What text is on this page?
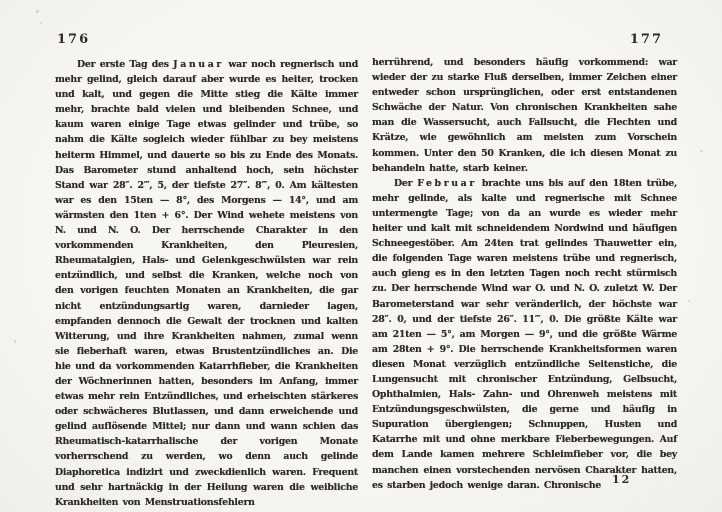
176

Der erste Tag des Januar war noch regnerisch und mehr gelind, gleich darauf aber wurde es heiter, trocken und kalt, und gegen die Mitte stieg die Kälte immer mehr, brachte bald vielen und bleibenden Schnee, und kaum waren einige Tage etwas gelinder und trübe, so nahm die Kälte sogleich wieder fühlbar zu bey meistens heiterm Himmel, und dauerte so bis zu Ende des Monats. Das Barometer stund anhaltend hoch, sein höchster Stand war 28″. 2‴, 5, der tiefste 27″. 8‴, 0. Am kältesten war es den 15ten — 8°, des Morgens — 14°, und am wärmsten den 1ten + 6°. Der Wind wehete meistens von N. und N. O. Der herrschende Charakter in den vorkommenden Krankheiten, den Pleuresien, Rheumatalgien, Hals- und Gelenkgeschwülsten war rein entzündlich, und selbst die Kranken, welche noch von den vorigen feuchten Monaten an Krankheiten, die gar nicht entzündungsartig waren, darnieder lagen, empfanden dennoch die Gewalt der trocknen und kalten Witterung, und ihre Krankheiten nahmen, zumal wenn sie fieberhaft waren, etwas Brustentzündliches an. Die hie und da vorkommenden Katarrhfieber, die Krankheiten der Wöchnerinnen hatten, besonders im Anfang, immer etwas mehr rein Entzündliches, und erheischten stärkeres oder schwächeres Blutlassen, und dann erweichende und gelind auflösende Mittel; nur dann und wann schien das Rheumatisch-katarrhalische der vorigen Monate vorherrschend zu werden, wo denn auch gelinde Diaphoretica indizirt und zweckdienlich waren. Frequent und sehr hartnäckig in der Heilung waren die weibliche Krankheiten von Menstruationsfehlern

177

herrührend, und besonders häufig vorkommend: war wieder der zu starke Fluß derselben, immer Zeichen einer entweder schon ursprünglichen, oder erst entstandenen Schwäche der Natur. Von chronischen Krankheiten sahe man die Wassersucht, auch Fallsucht, die Flechten und Krätze, wie gewöhnlich am meisten zum Vorschein kommen. Unter den 50 Kranken, die ich diesen Monat zu behandeln hatte, starb keiner.

Der Februar brachte uns bis auf den 18ten trübe, mehr gelinde, als kalte und regnerische mit Schnee untermengte Tage; von da an wurde es wieder mehr heiter und kalt mit schneidendem Nordwind und häufigen Schneegestöber. Am 24ten trat gelindes Thauwetter ein, die folgenden Tage waren meistens trübe und regnerisch, auch gieng es in den letzten Tagen noch recht stürmisch zu. Der herrschende Wind war O. und N. O. zuletzt W. Der Barometerstand war sehr veränderlich, der höchste war 28″. 0, und der tiefste 26″. 11‴, 0. Die größte Kälte war am 21ten — 5°, am Morgen — 9°, und die größte Wärme am 28ten + 9°. Die herrschende Krankheitsformen waren diesen Monat verzüglich entzündliche Seitenstiche, die Lungensucht mit chronischer Entzündung, Gelbsucht, Ophthalmien, Hals- Zahn- und Ohrenweh meistens mit Entzündungsgeschwülsten, die gerne und häufig in Supuration übergiengen; Schnuppen, Husten und Katarrhe mit und ohne merkbare Fieberbewegungen. Auf dem Lande kamen mehrere Schleimfieber vor, die bey manchen einen vorstechenden nervösen Charakter hatten, es starben jedoch wenige daran. Chronische	12
